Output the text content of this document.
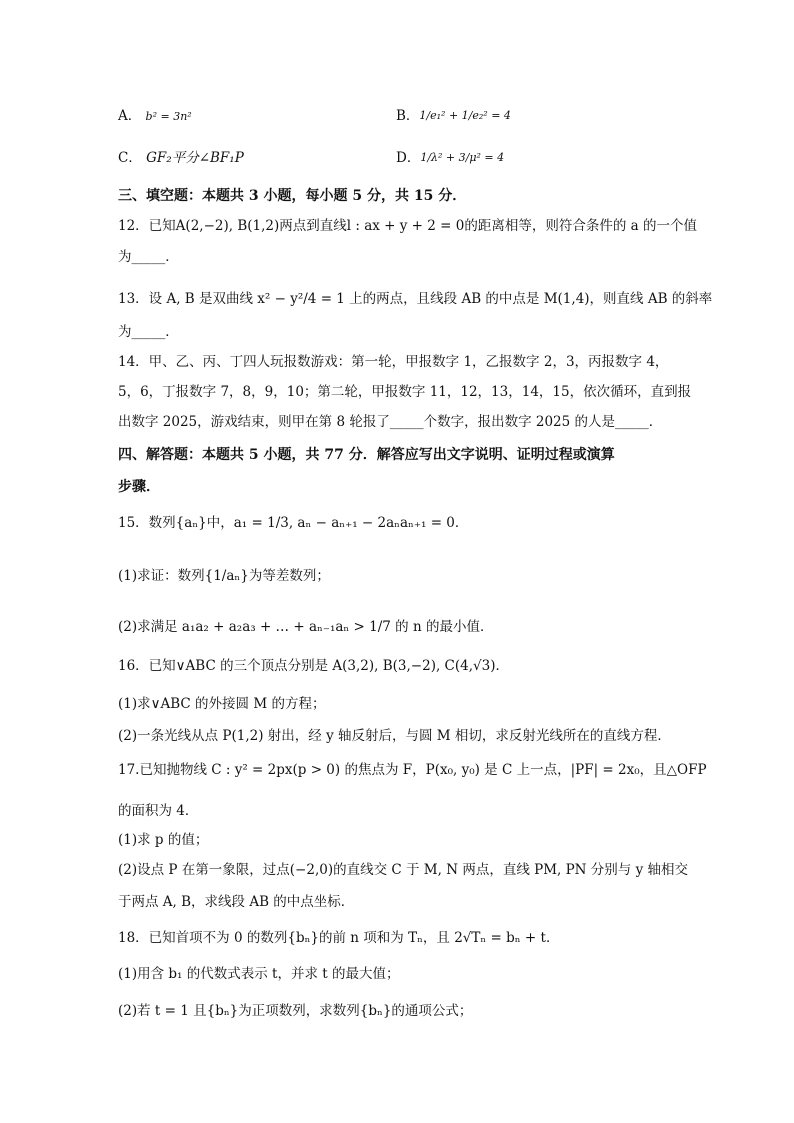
A． b² = 3n²	B． 1/e₁² + 1/e₂² = 4
C． GF₂平分∠BF₁P	D． 1/λ² + 3/μ² = 4
三、填空题：本题共 3 小题，每小题 5 分，共 15 分．
12．已知A(2,−2), B(1,2)两点到直线l : ax + y + 2 = 0的距离相等，则符合条件的 a 的一个值
为_____．
13．设 A, B 是双曲线 x² − y²/4 = 1 上的两点，且线段 AB 的中点是 M(1,4)，则直线 AB 的斜率
为_____．
14．甲、乙、丙、丁四人玩报数游戏：第一轮，甲报数字 1，乙报数字 2，3，丙报数字 4，
5，6，丁报数字 7，8，9，10；第二轮，甲报数字 11，12，13，14，15，依次循环，直到报
出数字 2025，游戏结束，则甲在第 8 轮报了_____个数字，报出数字 2025 的人是_____．
四、解答题：本题共 5 小题，共 77 分．解答应写出文字说明、证明过程或演算
步骤．
15．数列{aₙ}中，a₁ = 1/3, aₙ − aₙ₊₁ − 2aₙaₙ₊₁ = 0．
(1)求证：数列{1/aₙ}为等差数列；
(2)求满足 a₁a₂ + a₂a₃ + … + aₙ₋₁aₙ > 1/7 的 n 的最小值．
16．已知∨ABC 的三个顶点分别是 A(3,2), B(3,−2), C(4,√3)．
(1)求∨ABC 的外接圆 M 的方程；
(2)一条光线从点 P(1,2) 射出，经 y 轴反射后，与圆 M 相切，求反射光线所在的直线方程．
17.已知抛物线 C : y² = 2px(p > 0) 的焦点为 F，P(x₀, y₀) 是 C 上一点，|PF| = 2x₀，且△OFP
的面积为 4．
(1)求 p 的值；
(2)设点 P 在第一象限，过点(−2,0)的直线交 C 于 M, N 两点，直线 PM, PN 分别与 y 轴相交
于两点 A, B，求线段 AB 的中点坐标．
18．已知首项不为 0 的数列{bₙ}的前 n 项和为 Tₙ，且 2√Tₙ = bₙ + t．
(1)用含 b₁ 的代数式表示 t，并求 t 的最大值；
(2)若 t = 1 且{bₙ}为正项数列，求数列{bₙ}的通项公式；
